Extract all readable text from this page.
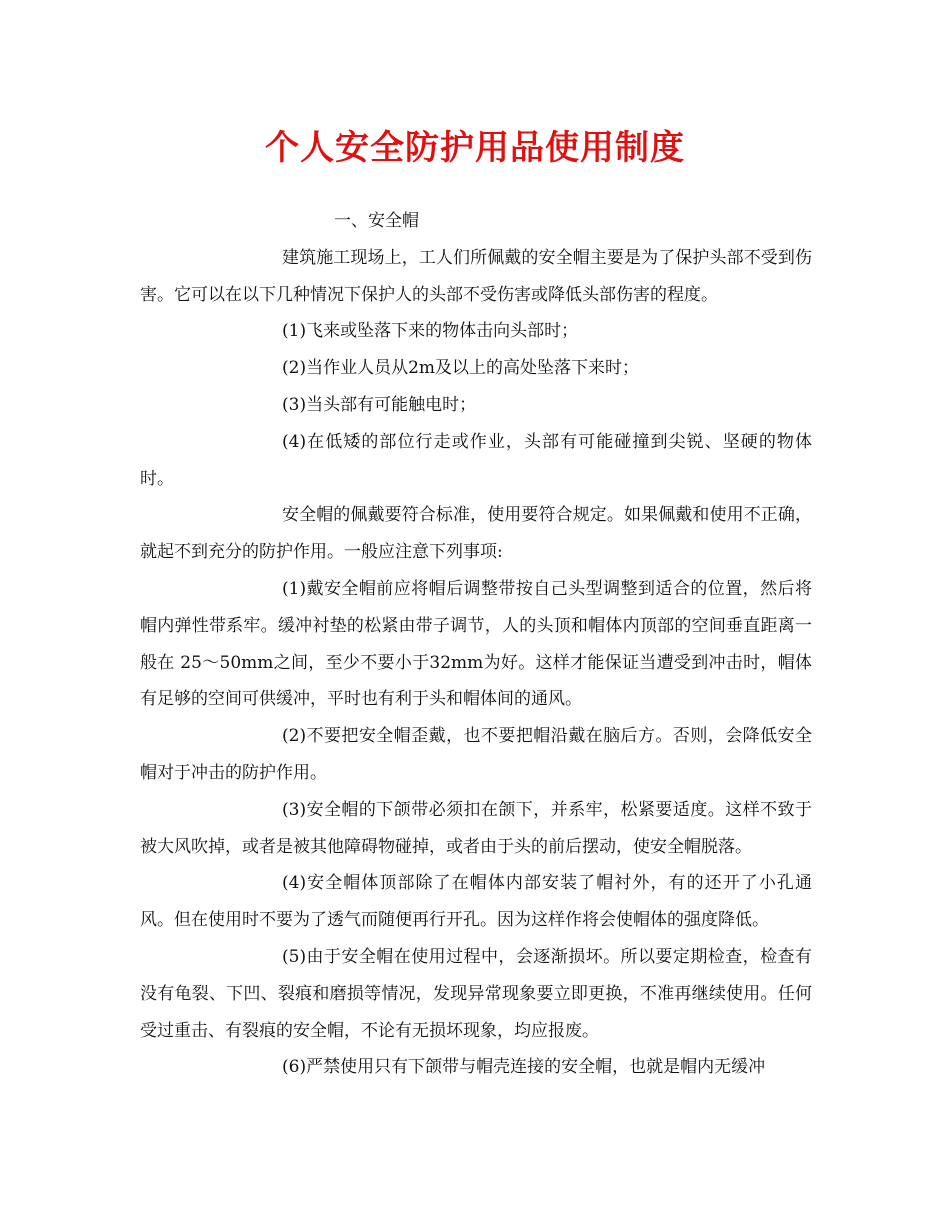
个人安全防护用品使用制度

一、安全帽

建筑施工现场上，工人们所佩戴的安全帽主要是为了保护头部不受到伤害。它可以在以下几种情况下保护人的头部不受伤害或降低头部伤害的程度。

(1)飞来或坠落下来的物体击向头部时；

(2)当作业人员从2m及以上的高处坠落下来时；

(3)当头部有可能触电时；

(4)在低矮的部位行走或作业，头部有可能碰撞到尖锐、坚硬的物体时。

安全帽的佩戴要符合标准，使用要符合规定。如果佩戴和使用不正确，就起不到充分的防护作用。一般应注意下列事项:

(1)戴安全帽前应将帽后调整带按自己头型调整到适合的位置，然后将帽内弹性带系牢。缓冲衬垫的松紧由带子调节，人的头顶和帽体内顶部的空间垂直距离一般在 25～50mm之间，至少不要小于32mm为好。这样才能保证当遭受到冲击时，帽体有足够的空间可供缓冲，平时也有利于头和帽体间的通风。

(2)不要把安全帽歪戴，也不要把帽沿戴在脑后方。否则，会降低安全帽对于冲击的防护作用。

(3)安全帽的下颌带必须扣在颌下，并系牢，松紧要适度。这样不致于被大风吹掉，或者是被其他障碍物碰掉，或者由于头的前后摆动，使安全帽脱落。

(4)安全帽体顶部除了在帽体内部安装了帽衬外，有的还开了小孔通风。但在使用时不要为了透气而随便再行开孔。因为这样作将会使帽体的强度降低。

(5)由于安全帽在使用过程中，会逐渐损坏。所以要定期检查，检查有没有龟裂、下凹、裂痕和磨损等情况，发现异常现象要立即更换，不准再继续使用。任何受过重击、有裂痕的安全帽，不论有无损坏现象，均应报废。

(6)严禁使用只有下颌带与帽壳连接的安全帽，也就是帽内无缓冲
